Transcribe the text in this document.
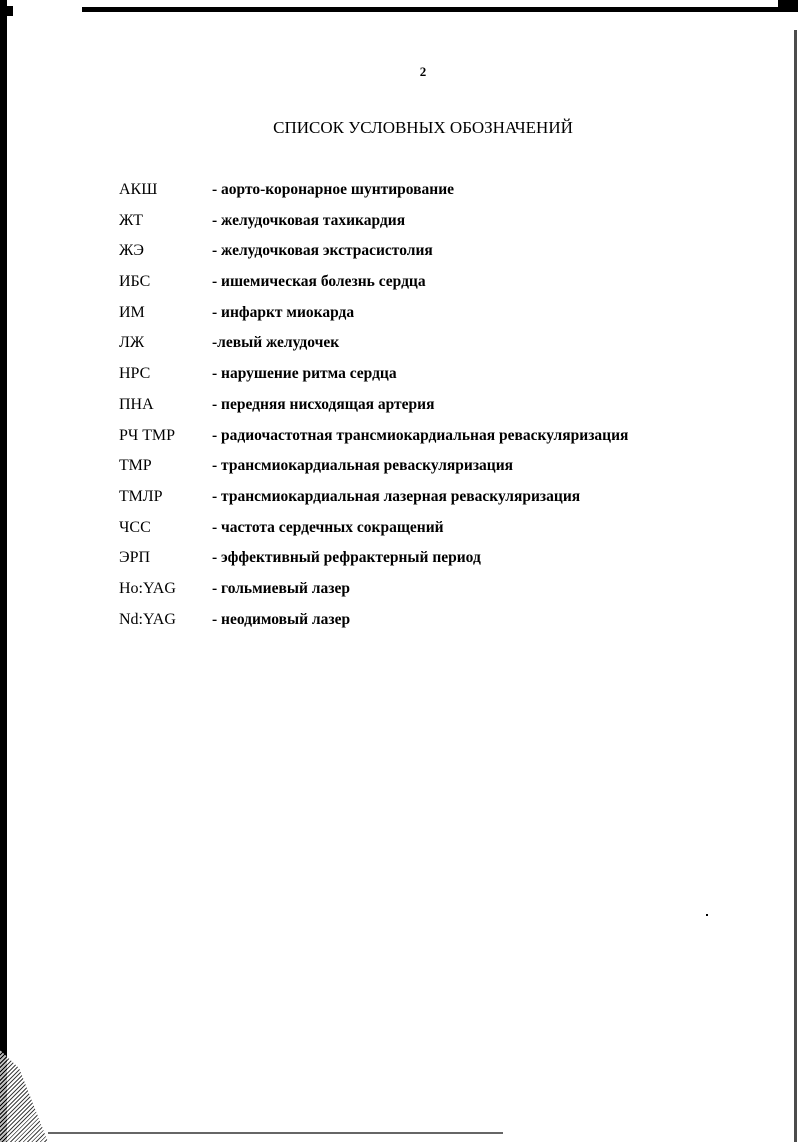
2
СПИСОК УСЛОВНЫХ ОБОЗНАЧЕНИЙ
АКШ	- аорто-коронарное шунтирование
ЖТ	- желудочковая тахикардия
ЖЭ	- желудочковая экстрасистолия
ИБС	- ишемическая болезнь сердца
ИМ	- инфаркт миокарда
ЛЖ	-левый желудочек
НРС	- нарушение ритма сердца
ПНА	- передняя нисходящая артерия
РЧ ТМР	- радиочастотная трансмиокардиальная реваскуляризация
ТМР	- трансмиокардиальная реваскуляризация
ТМЛР	- трансмиокардиальная лазерная реваскуляризация
ЧСС	- частота сердечных сокращений
ЭРП	- эффективный рефрактерный период
Ho:YAG	- гольмиевый лазер
Nd:YAG	- неодимовый лазер
